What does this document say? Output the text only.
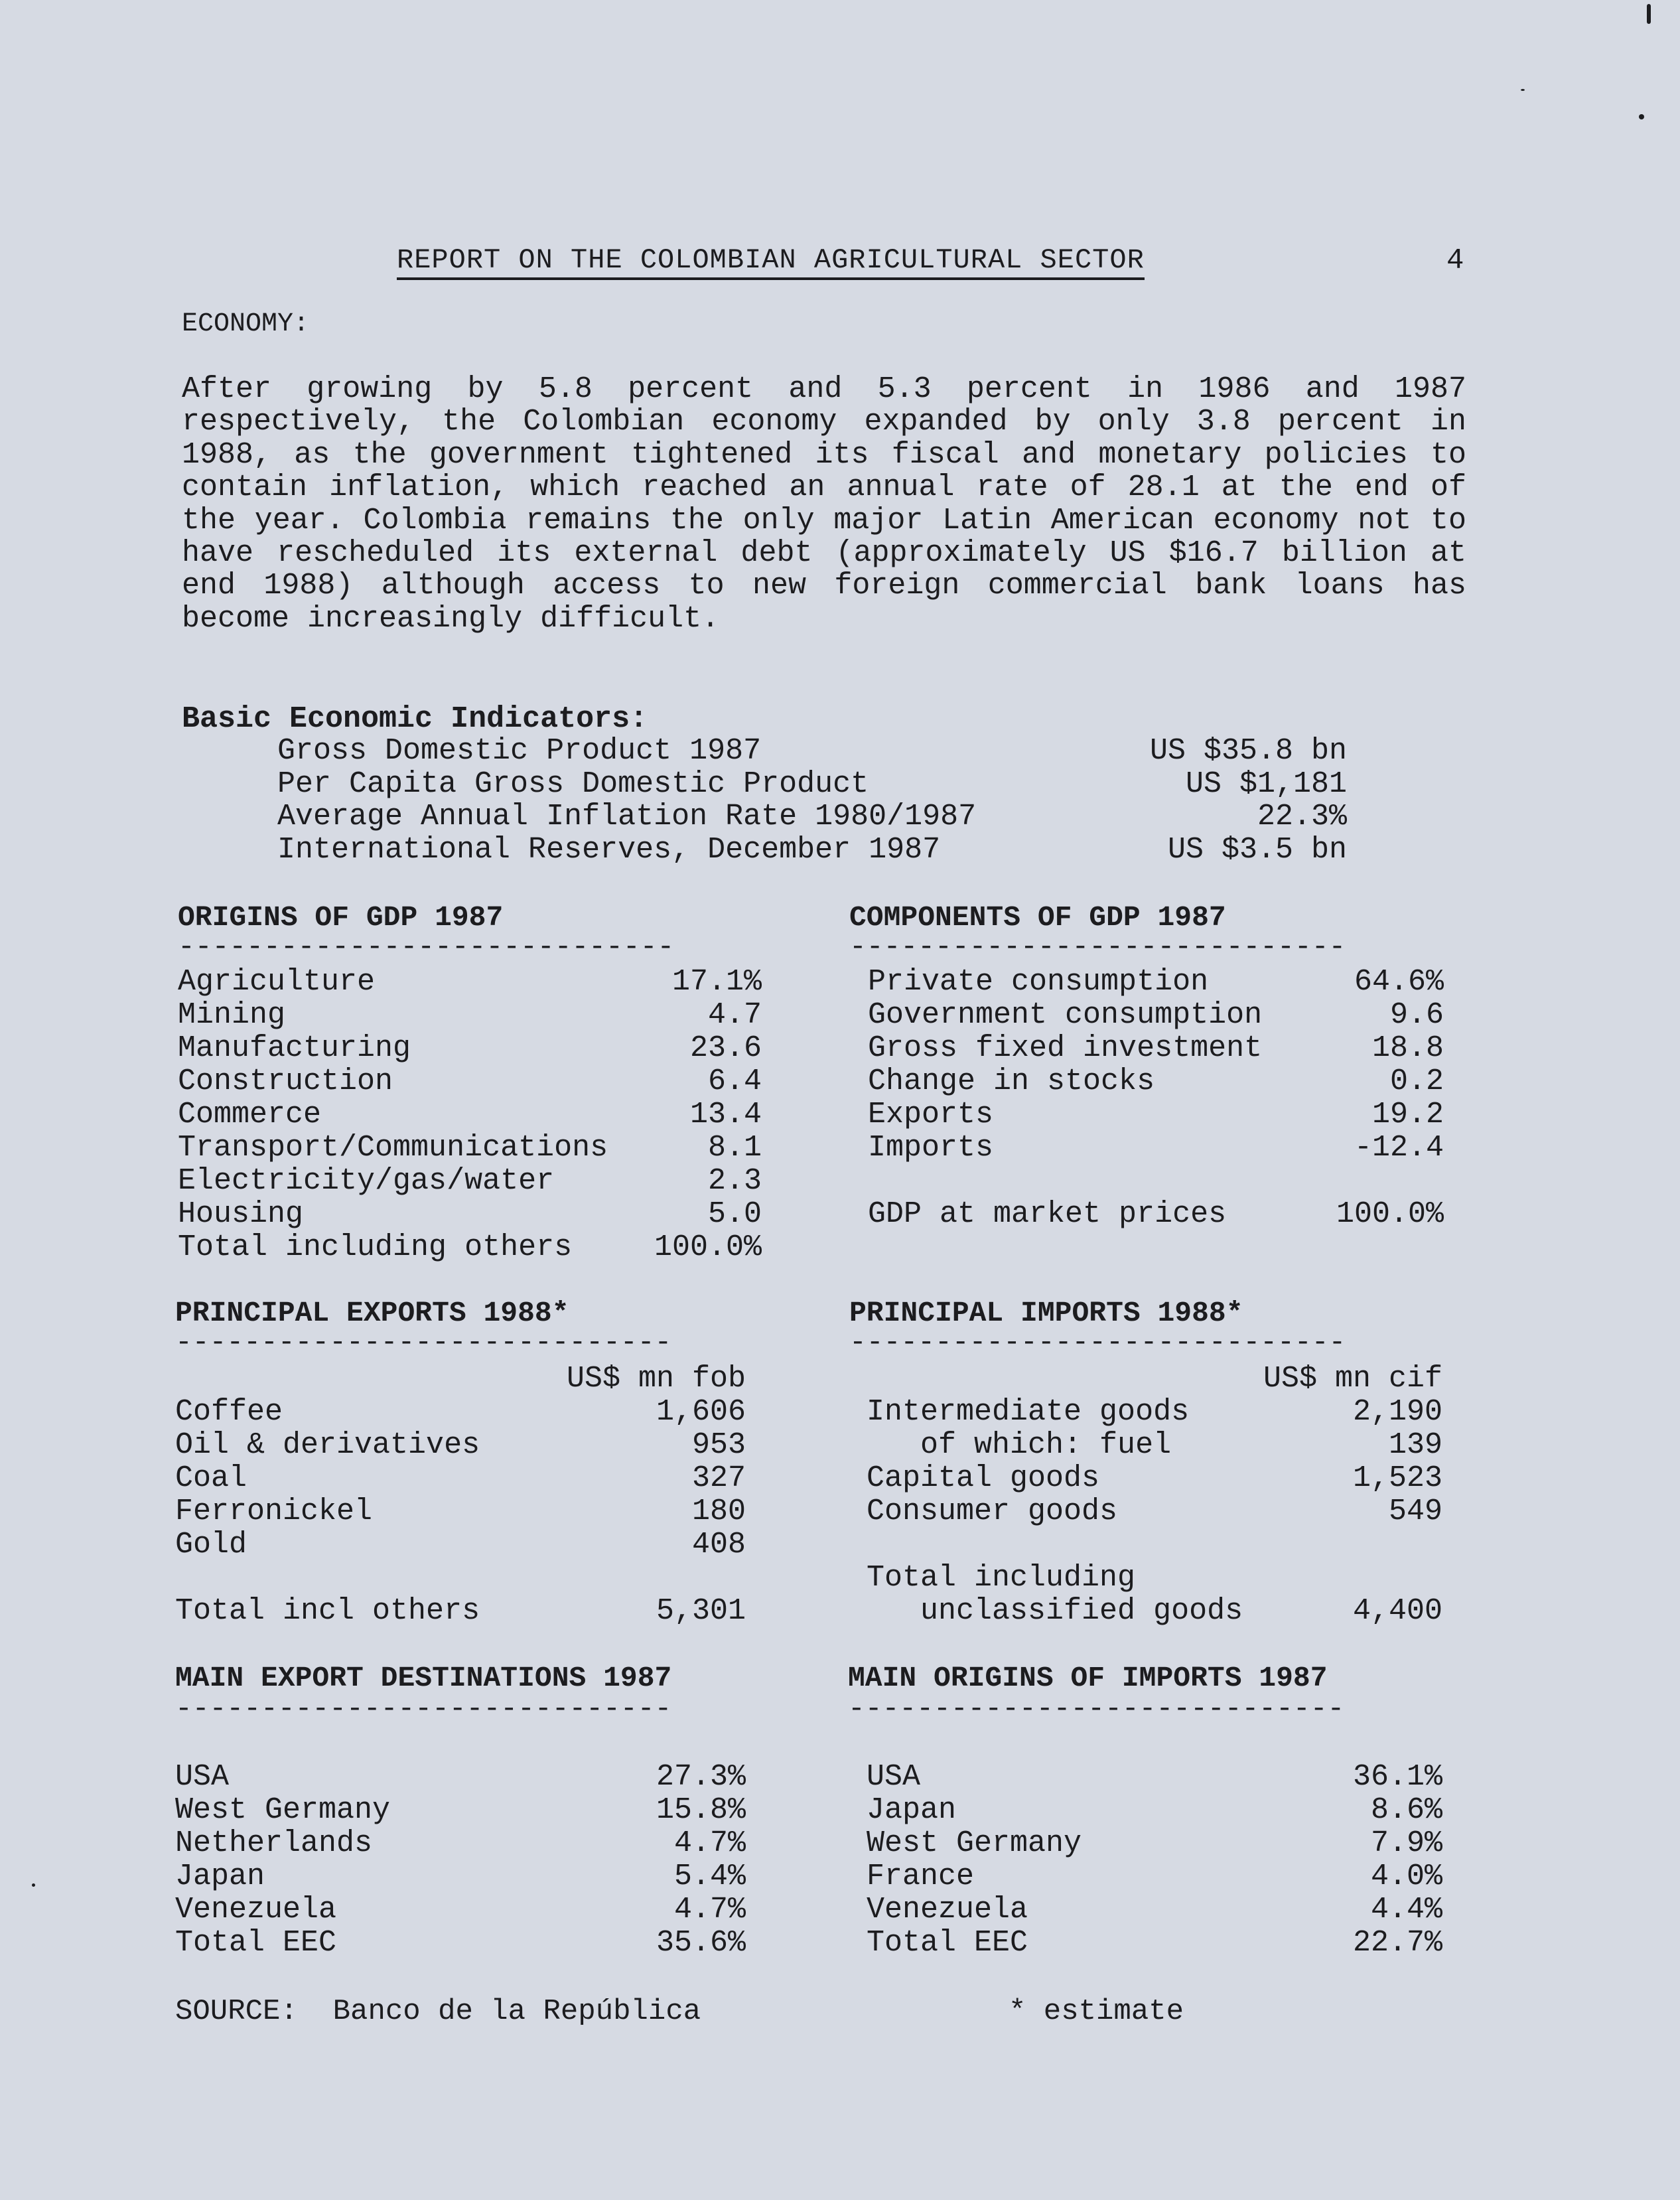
REPORT ON THE COLOMBIAN AGRICULTURAL SECTOR	4
ECONOMY:

After growing by 5.8 percent and 5.3 percent in 1986 and 1987 respectively, the Colombian economy expanded by only 3.8 percent in 1988, as the government tightened its fiscal and monetary policies to contain inflation, which reached an annual rate of 28.1 at the end of the year. Colombia remains the only major Latin American economy not to have rescheduled its external debt (approximately US $16.7 billion at end 1988) although access to new foreign commercial bank loans has become increasingly difficult.

Basic Economic Indicators:
Gross Domestic Product 1987	US $35.8 bn
Per Capita Gross Domestic Product	US $1,181
Average Annual Inflation Rate 1980/1987	22.3%
International Reserves, December 1987	US $3.5 bn
ORIGINS OF GDP 1987
-----------------------------
Agriculture	17.1%
Mining	4.7
Manufacturing	23.6
Construction	6.4
Commerce	13.4
Transport/Communications	8.1
Electricity/gas/water	2.3
Housing	5.0
Total including others	100.0%
COMPONENTS OF GDP 1987
-----------------------------
Private consumption	64.6%
Government consumption	9.6
Gross fixed investment	18.8
Change in stocks	0.2
Exports	19.2
Imports	-12.4
GDP at market prices	100.0%
PRINCIPAL EXPORTS 1988*
-----------------------------
US$ mn fob
Coffee	1,606
Oil & derivatives	953
Coal	327
Ferronickel	180
Gold	408
Total incl others	5,301
PRINCIPAL IMPORTS 1988*
-----------------------------
US$ mn cif
Intermediate goods	2,190
of which: fuel	139
Capital goods	1,523
Consumer goods	549
Total including
unclassified goods	4,400
MAIN EXPORT DESTINATIONS 1987
-----------------------------
USA	27.3%
West Germany	15.8%
Netherlands	4.7%
Japan	5.4%
Venezuela	4.7%
Total EEC	35.6%
MAIN ORIGINS OF IMPORTS 1987
-----------------------------
USA	36.1%
Japan	8.6%
West Germany	7.9%
France	4.0%
Venezuela	4.4%
Total EEC	22.7%
SOURCE:  Banco de la República	* estimate
